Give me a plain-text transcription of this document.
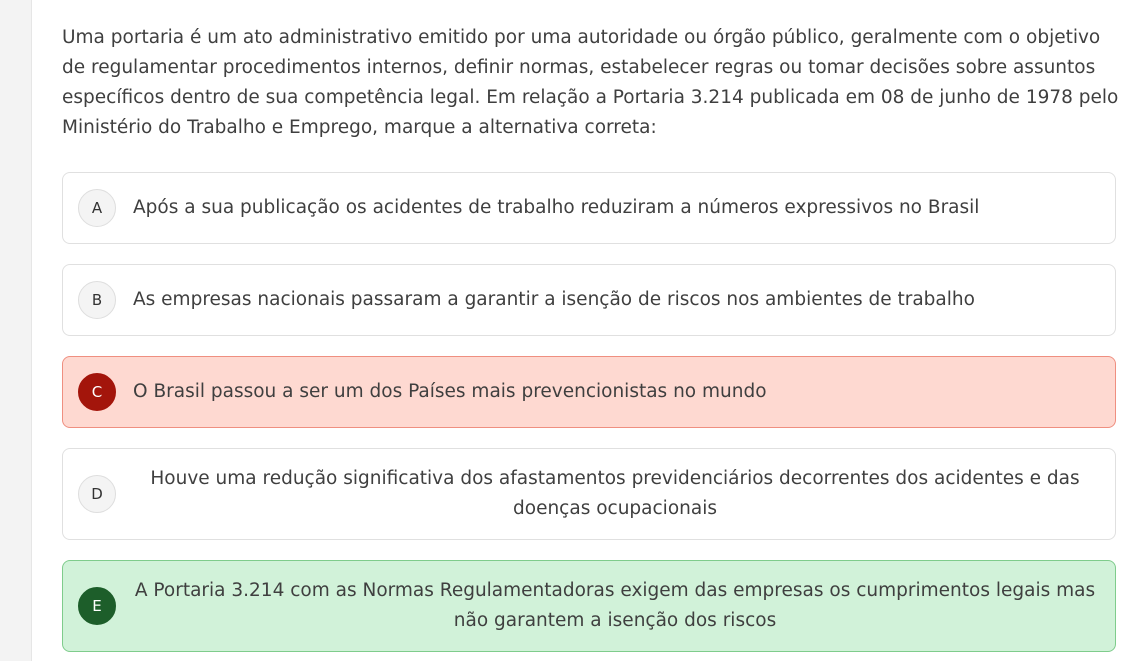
Uma portaria é um ato administrativo emitido por uma autoridade ou órgão público, geralmente com o objetivo de regulamentar procedimentos internos, definir normas, estabelecer regras ou tomar decisões sobre assuntos específicos dentro de sua competência legal. Em relação a Portaria 3.214 publicada em 08 de junho de 1978 pelo Ministério do Trabalho e Emprego, marque a alternativa correta:

A	Após a sua publicação os acidentes de trabalho reduziram a números expressivos no Brasil
B	As empresas nacionais passaram a garantir a isenção de riscos nos ambientes de trabalho
C	O Brasil passou a ser um dos Países mais prevencionistas no mundo
D
Houve uma redução significativa dos afastamentos previdenciários decorrentes dos acidentes e das doenças ocupacionais
E
A Portaria 3.214 com as Normas Regulamentadoras exigem das empresas os cumprimentos legais mas não garantem a isenção dos riscos
